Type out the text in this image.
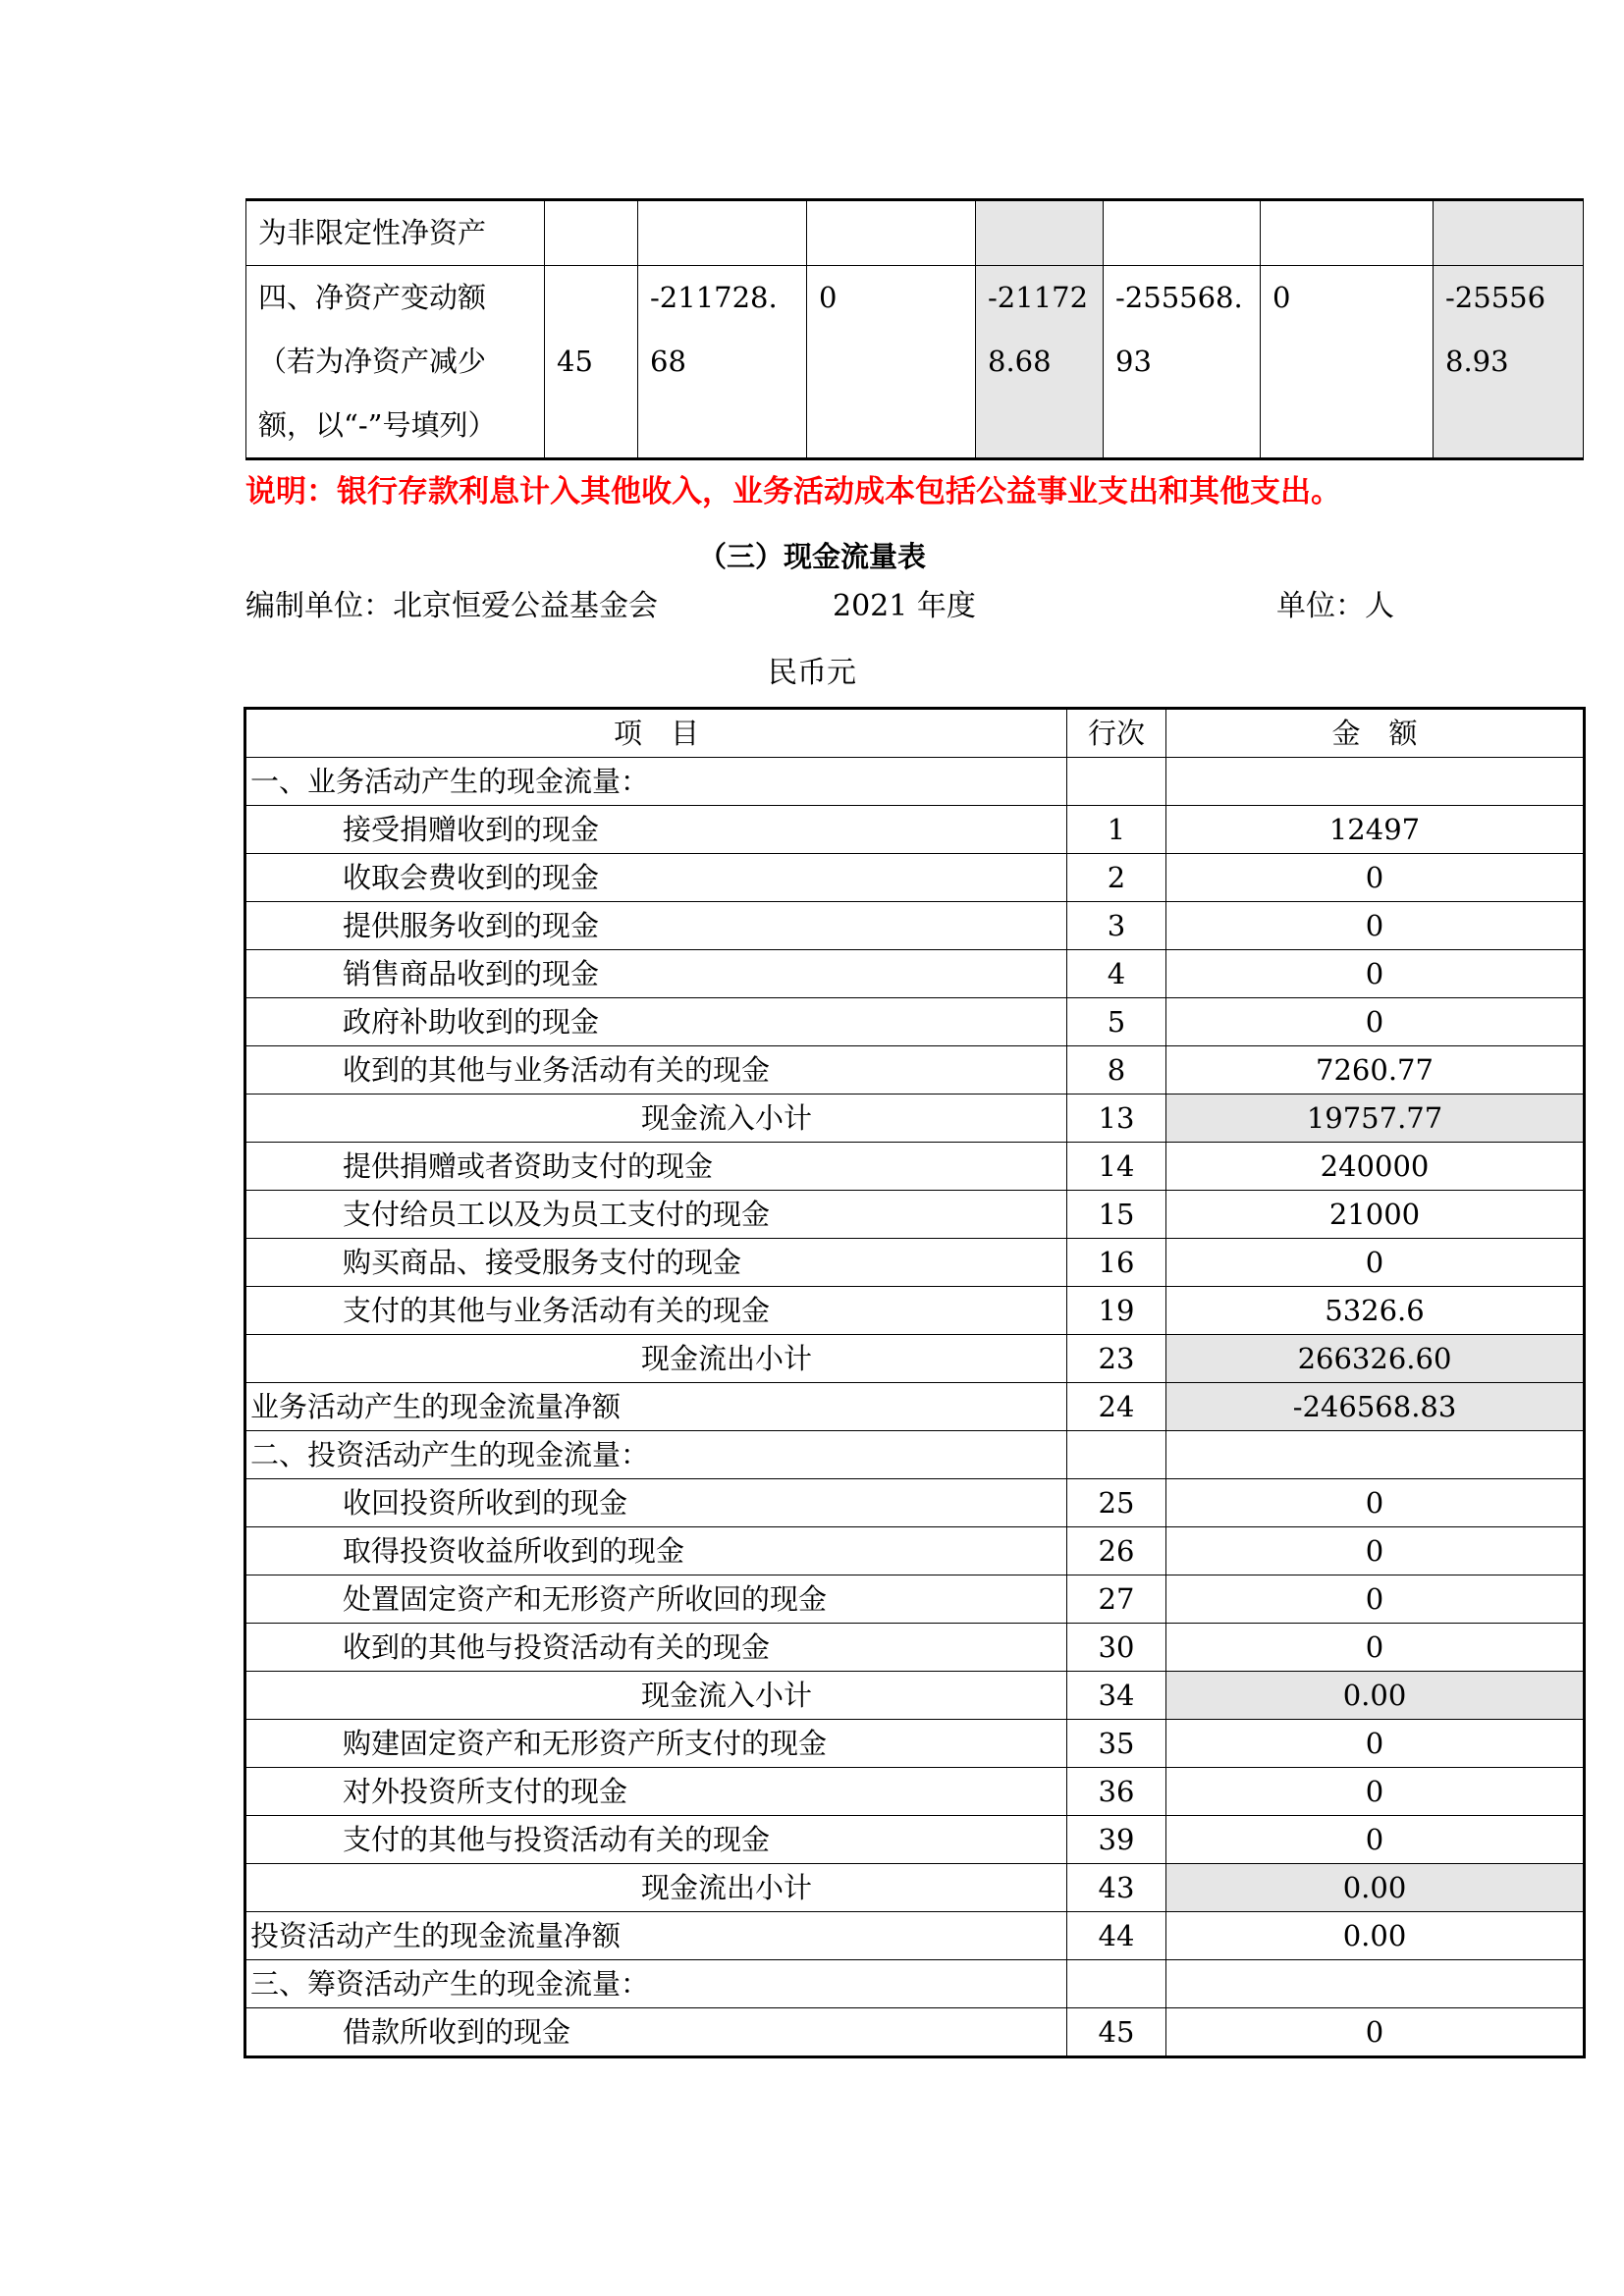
为非限定性净资产							
四、净资产变动额（若为净资产减少额，以“-”号填列）	45	-211728.68	0	-211728.68	-255568.93	0	-255568.93
说明：银行存款利息计入其他收入，业务活动成本包括公益事业支出和其他支出。
（三）现金流量表
编制单位：北京恒爱公益基金会	2021 年度	单位：人
民币元
项　目	行次	金　额
一、业务活动产生的现金流量：		
接受捐赠收到的现金	1	12497
收取会费收到的现金	2	0
提供服务收到的现金	3	0
销售商品收到的现金	4	0
政府补助收到的现金	5	0
收到的其他与业务活动有关的现金	8	7260.77
现金流入小计	13	19757.77
提供捐赠或者资助支付的现金	14	240000
支付给员工以及为员工支付的现金	15	21000
购买商品、接受服务支付的现金	16	0
支付的其他与业务活动有关的现金	19	5326.6
现金流出小计	23	266326.60
业务活动产生的现金流量净额	24	-246568.83
二、投资活动产生的现金流量：		
收回投资所收到的现金	25	0
取得投资收益所收到的现金	26	0
处置固定资产和无形资产所收回的现金	27	0
收到的其他与投资活动有关的现金	30	0
现金流入小计	34	0.00
购建固定资产和无形资产所支付的现金	35	0
对外投资所支付的现金	36	0
支付的其他与投资活动有关的现金	39	0
现金流出小计	43	0.00
投资活动产生的现金流量净额	44	0.00
三、筹资活动产生的现金流量：		
借款所收到的现金	45	0
